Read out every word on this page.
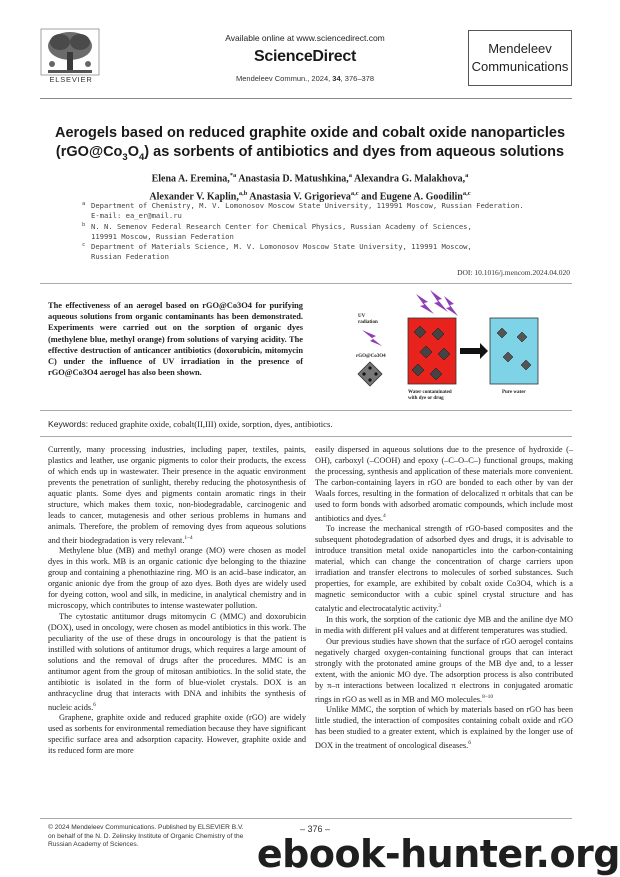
ELSEVIER
Available online at www.sciencedirect.com
ScienceDirect
Mendeleev Commun., 2024, 34, 376–378
Mendeleev
Communications
Aerogels based on reduced graphite oxide and cobalt oxide nanoparticles
$(rGO@Co_3O_4)$ as sorbents of antibiotics and dyes from aqueous solutions
Elena A. Eremina,$^{*a}$ Anastasia D. Matushkina,$^a$ Alexandra G. Malakhova,$^a$
Alexander V. Kaplin,$^{a,b}$ Anastasia V. Grigorieva$^{a,c}$ and Eugene A. Goodilin$^{a,c}$
a Department of Chemistry, M. V. Lomonosov Moscow State University, 119991 Moscow, Russian Federation.
E-mail: ea_er@mail.ru
b N. N. Semenov Federal Research Center for Chemical Physics, Russian Academy of Sciences,
119991 Moscow, Russian Federation
c Department of Materials Science, M. V. Lomonosov Moscow State University, 119991 Moscow,
Russian Federation
DOI: 10.1016/j.mencom.2024.04.020
The effectiveness of an aerogel based on rGO@Co3O4 for purifying aqueous solutions from organic contaminants has been demonstrated. Experiments were carried out on the sorption of organic dyes (methylene blue, methyl orange) from solutions of varying acidity. The effective destruction of anticancer antibiotics (doxorubicin, mitomycin C) under the influence of UV irradiation in the presence of rGO@Co3O4 aerogel has also been shown.
UV
radiation
rGO@Co3O4
Water contaminated
with dye or drug
Pure water
Keywords: reduced graphite oxide, cobalt(II,III) oxide, sorption, dyes, antibiotics.

Currently, many processing industries, including paper, textiles, paints, plastics and leather, use organic pigments to color their products, the excess of which ends up in wastewater. Their presence in the aquatic environment prevents the penetration of sunlight, thereby reducing the photosynthesis of aquatic plants. Some dyes and pigments contain aromatic rings in their structure, which makes them toxic, non-biodegradable, carcinogenic and leads to cancer, mutagenesis and other serious problems in humans and animals. Therefore, the problem of removing dyes from aqueous solutions and their biodegradation is very relevant.$^{1-4}$

Methylene blue (MB) and methyl orange (MO) were chosen as model dyes in this work. MB is an organic cationic dye belonging to the thiazine group and containing a phenothiazine ring. MO is an acid–base indicator, an organic anionic dye from the group of azo dyes. Both dyes are widely used for dyeing cotton, wool and silk, in medicine, in analytical chemistry and in microscopy, which contributes to intense wastewater pollution.

The cytostatic antitumor drugs mitomycin C (MMC) and doxorubicin (DOX), used in oncology, were chosen as model antibiotics in this work. The peculiarity of the use of these drugs in oncourology is that the patient is instilled with solutions of antitumor drugs, which requires a large amount of solutions and the removal of drugs after the procedures. MMC is an antitumor agent from the group of mitosan antibiotics. In the solid state, the antibiotic is isolated in the form of blue-violet crystals. DOX is an anthracycline drug that interacts with DNA and inhibits the synthesis of nucleic acids.$^6$

Graphene, graphite oxide and reduced graphite oxide (rGO) are widely used as sorbents for environmental remediation because they have significant specific surface area and adsorption capacity. However, graphite oxide and its reduced form are more

easily dispersed in aqueous solutions due to the presence of hydroxide (–OH), carboxyl (–COOH) and epoxy (–C–O–C–) functional groups, making the processing, synthesis and application of these materials more convenient. The carbon-containing layers in rGO are bonded to each other by van der Waals forces, resulting in the formation of delocalized π orbitals that can be used to form bonds with adsorbed aromatic compounds, which include most antibiotics and dyes.$^4$

To increase the mechanical strength of rGO-based composites and the subsequent photodegradation of adsorbed dyes and drugs, it is advisable to introduce transition metal oxide nanoparticles into the carbon-containing material, which can change the concentration of charge carriers upon irradiation and transfer electrons to molecules of sorbed substances. Such properties, for example, are exhibited by cobalt oxide Co3O4, which is a magnetic semiconductor with a cubic spinel crystal structure and has catalytic and electrocatalytic activity.$^3$

In this work, the sorption of the cationic dye MB and the aniline dye MO in media with different pH values and at different temperatures was studied.

Our previous studies have shown that the surface of rGO aerogel contains negatively charged oxygen-containing functional groups that can interact strongly with the protonated amine groups of the MB dye and, to a lesser extent, with the anionic MO dye. The adsorption process is also contributed by π–π interactions between localized π electrons in conjugated aromatic rings in rGO as well as in MB and MO molecules.$^{8-10}$

Unlike MMC, the sorption of which by materials based on rGO has been little studied, the interaction of composites containing cobalt oxide and rGO has been studied to a greater extent, which is explained by the longer use of DOX in the treatment of oncological diseases.$^6$

© 2024 Mendeleev Communications. Published by ELSEVIER B.V.
on behalf of the N. D. Zelinsky Institute of Organic Chemistry of the
Russian Academy of Sciences.
– 376 –
ebook-hunter.org
